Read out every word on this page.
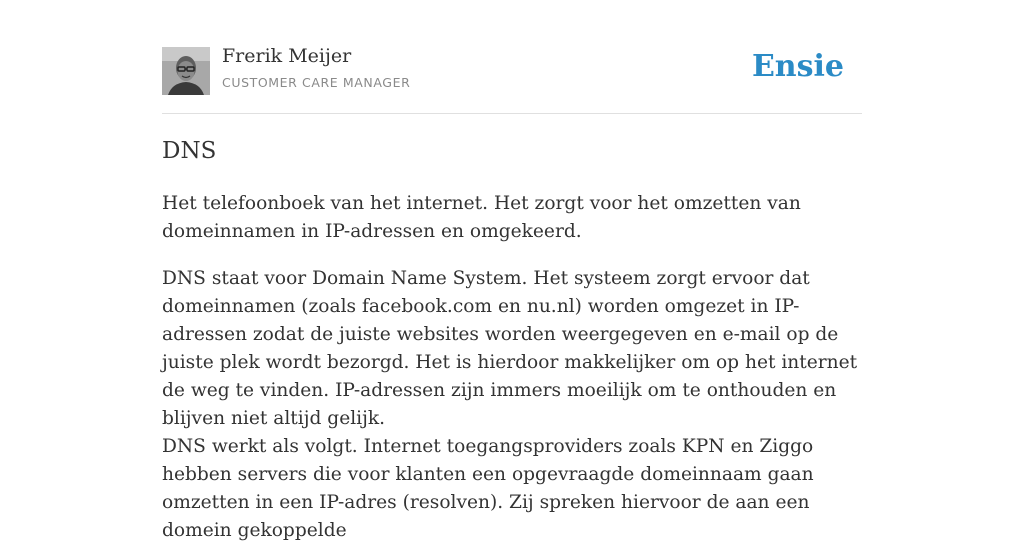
Frerik Meijer
CUSTOMER CARE MANAGER	Ensie
DNS

Het telefoonboek van het internet. Het zorgt voor het omzetten van domeinnamen in IP-adressen en omgekeerd.

DNS staat voor Domain Name System. Het systeem zorgt ervoor dat domeinnamen (zoals facebook.com en nu.nl) worden omgezet in IP-adressen zodat de juiste websites worden weergegeven en e-mail op de juiste plek wordt bezorgd. Het is hierdoor makkelijker om op het internet de weg te vinden. IP-adressen zijn immers moeilijk om te onthouden en blijven niet altijd gelijk.

DNS werkt als volgt. Internet toegangsproviders zoals KPN en Ziggo hebben servers die voor klanten een opgevraagde domeinnaam gaan omzetten in een IP-adres (resolven). Zij spreken hiervoor de aan een domein gekoppelde
